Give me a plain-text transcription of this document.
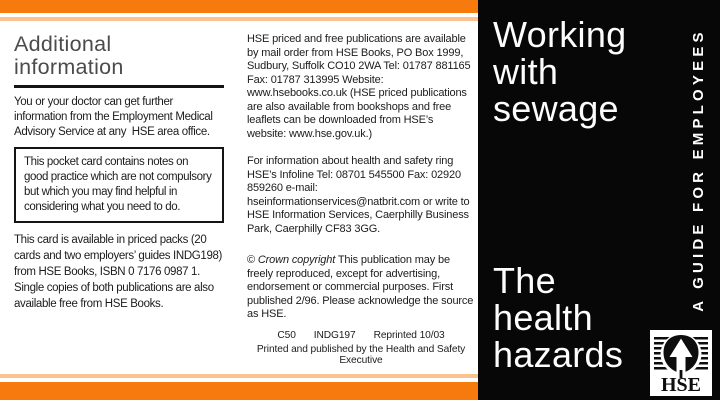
Additional
information

You or your doctor can get further information from the Employment Medical Advisory Service at any  HSE area office.

This pocket card contains notes on good practice which are not compulsory but which you may find helpful in considering what you need to do.

This card is available in priced packs (20 cards and two employers’ guides INDG198) from HSE Books, ISBN 0 7176 0987 1. Single copies of both publications are also available free from HSE Books.

HSE priced and free publications are available by mail order from HSE Books, PO Box 1999, Sudbury, Suffolk CO10 2WA Tel: 01787 881165 Fax: 01787 313995 Website: www.hsebooks.co.uk (HSE priced publications are also available from bookshops and free leaflets can be downloaded from HSE’s website: www.hse.gov.uk.)

For information about health and safety ring HSE’s Infoline Tel: 08701 545500 Fax: 02920 859260 e-mail: hseinformationservices@natbrit.com or write to HSE Information Services, Caerphilly Business Park, Caerphilly CF83 3GG.

© Crown copyright This publication may be freely reproduced, except for advertising, endorsement or commercial purposes. First published 2/96. Please acknowledge the source as HSE.

C50 INDG197 Reprinted 10/03
Printed and published by the Health and Safety Executive
Working
with
sewage
The
health
hazards
A GUIDE FOR EMPLOYEES
HSE
